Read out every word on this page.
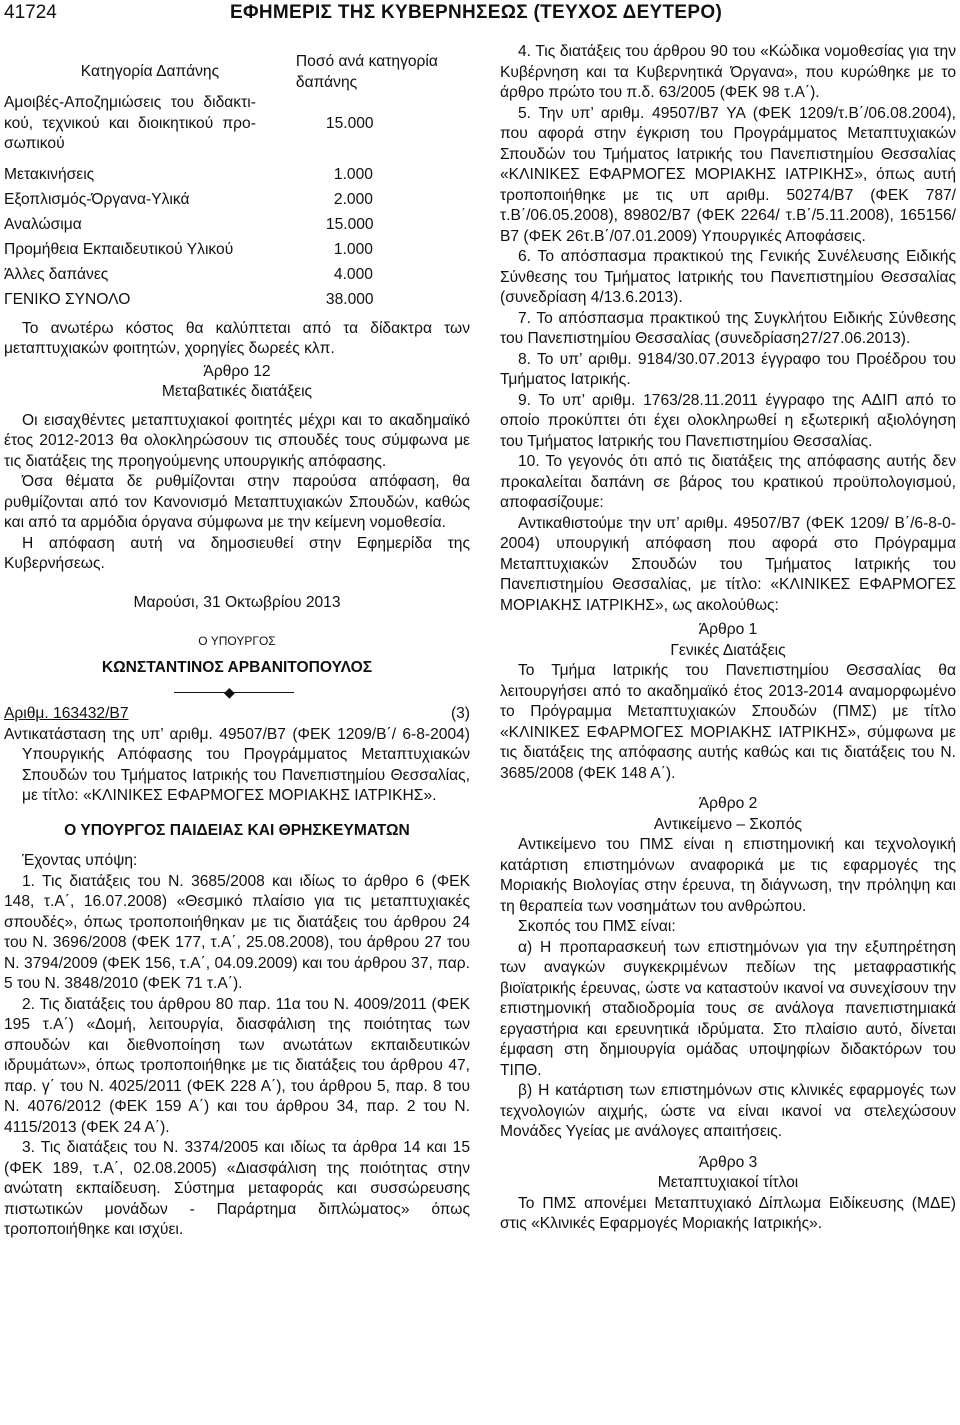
41724	ΕΦΗΜΕΡΙΣ ΤΗΣ ΚΥΒΕΡΝΗΣΕΩΣ (ΤΕΥΧΟΣ ΔΕΥΤΕΡΟ)
Κατηγορία Δαπάνης	Ποσό ανά κατηγορία δαπάνης
Αμοιβές-Αποζημιώσεις του διδακτικού, τεχνικού και διοικητικού προσωπικού	15.000
Μετακινήσεις	1.000
Εξοπλισμός-Όργανα-Υλικά	2.000
Αναλώσιμα	15.000
Προμήθεια Εκπαιδευτικού Υλικού	1.000
Άλλες δαπάνες	4.000
ΓΕΝΙΚΟ ΣΥΝΟΛΟ	38.000

Το ανωτέρω κόστος θα καλύπτεται από τα δίδακτρα των μεταπτυχιακών φοιτητών, χορηγίες δωρεές κλπ.

Άρθρο 12

Μεταβατικές διατάξεις

Οι εισαχθέντες μεταπτυχιακοί φοιτητές μέχρι και το ακαδημαϊκό έτος 2012-2013 θα ολοκληρώσουν τις σπουδές τους σύμφωνα με τις διατάξεις της προηγούμενης υπουργικής απόφασης.

Όσα θέματα δε ρυθμίζονται στην παρούσα απόφαση, θα ρυθμίζονται από τον Κανονισμό Μεταπτυχιακών Σπουδών, καθώς και από τα αρμόδια όργανα σύμφωνα με την κείμενη νομοθεσία.

Η απόφαση αυτή να δημοσιευθεί στην Εφημερίδα της Κυβερνήσεως.

Μαρούσι, 31 Οκτωβρίου 2013

Ο ΥΠΟΥΡΓΟΣ

ΚΩΝΣΤΑΝΤΙΝΟΣ ΑΡΒΑΝΙΤΟΠΟΥΛΟΣ

◆
Αριθμ. 163432/Β7	(3)

Αντικατάσταση της υπ’ αριθμ. 49507/Β7 (ΦΕΚ 1209/Β΄/ 6-8-2004) Υπουργικής Απόφασης του Προγράμματος Μεταπτυχιακών Σπουδών του Τμήματος Ιατρικής του Πανεπιστημίου Θεσσαλίας, με τίτλο: «ΚΛΙΝΙΚΕΣ ΕΦΑΡΜΟΓΕΣ ΜΟΡΙΑΚΗΣ ΙΑΤΡΙΚΗΣ».

Ο ΥΠΟΥΡΓΟΣ ΠΑΙΔΕΙΑΣ ΚΑΙ ΘΡΗΣΚΕΥΜΑΤΩΝ

Έχοντας υπόψη:

1. Τις διατάξεις του Ν. 3685/2008 και ιδίως το άρθρο 6 (ΦΕΚ 148, τ.Α΄, 16.07.2008) «Θεσμικό πλαίσιο για τις μεταπτυχιακές σπουδές», όπως τροποποιήθηκαν με τις διατάξεις του άρθρου 24 του Ν. 3696/2008 (ΦΕΚ 177, τ.Α΄, 25.08.2008), του άρθρου 27 του Ν. 3794/2009 (ΦΕΚ 156, τ.Α΄, 04.09.2009) και του άρθρου 37, παρ. 5 του Ν. 3848/2010 (ΦΕΚ 71 τ.Α΄).

2. Τις διατάξεις του άρθρου 80 παρ. 11α του Ν. 4009/2011 (ΦΕΚ 195 τ.Α΄) «Δομή, λειτουργία, διασφάλιση της ποιότητας των σπουδών και διεθνοποίηση των ανωτάτων εκπαιδευτικών ιδρυμάτων», όπως τροποποιήθηκε με τις διατάξεις του άρθρου 47, παρ. γ΄ του Ν. 4025/2011 (ΦΕΚ 228 Α΄), του άρθρου 5, παρ. 8 του Ν. 4076/2012 (ΦΕΚ 159 Α΄) και του άρθρου 34, παρ. 2 του Ν. 4115/2013 (ΦΕΚ 24 Α΄).

3. Τις διατάξεις του Ν. 3374/2005 και ιδίως τα άρθρα 14 και 15 (ΦΕΚ 189, τ.Α΄, 02.08.2005) «Διασφάλιση της ποιότητας στην ανώτατη εκπαίδευση. Σύστημα μεταφοράς και συσσώρευσης πιστωτικών μονάδων - Παράρτημα διπλώματος» όπως τροποποιήθηκε και ισχύει.

4. Τις διατάξεις του άρθρου 90 του «Κώδικα νομοθεσίας για την Κυβέρνηση και τα Κυβερνητικά Όργανα», που κυρώθηκε με το άρθρο πρώτο του π.δ. 63/2005 (ΦΕΚ 98 τ.Α΄).

5. Την υπ’ αριθμ. 49507/Β7 ΥΑ (ΦΕΚ 1209/τ.Β΄/06.08.2004), που αφορά στην έγκριση του Προγράμματος Μεταπτυχιακών Σπουδών του Τμήματος Ιατρικής του Πανεπιστημίου Θεσσαλίας «ΚΛΙΝΙΚΕΣ ΕΦΑΡΜΟΓΕΣ ΜΟΡΙΑΚΗΣ ΙΑΤΡΙΚΗΣ», όπως αυτή τροποποιήθηκε με τις υπ αριθμ. 50274/Β7 (ΦΕΚ 787/τ.Β΄/06.05.2008), 89802/Β7 (ΦΕΚ 2264/ τ.Β΄/5.11.2008), 165156/Β7 (ΦΕΚ 26τ.Β΄/07.01.2009) Υπουργικές Αποφάσεις.

6. Το απόσπασμα πρακτικού της Γενικής Συνέλευσης Ειδικής Σύνθεσης του Τμήματος Ιατρικής του Πανεπιστημίου Θεσσαλίας (συνεδρίαση 4/13.6.2013).

7. Το απόσπασμα πρακτικού της Συγκλήτου Ειδικής Σύνθεσης του Πανεπιστημίου Θεσσαλίας (συνεδρίαση27/27.06.2013).

8. Το υπ’ αριθμ. 9184/30.07.2013 έγγραφο του Προέδρου του Τμήματος Ιατρικής.

9. Το υπ’ αριθμ. 1763/28.11.2011 έγγραφο της ΑΔΙΠ από το οποίο προκύπτει ότι έχει ολοκληρωθεί η εξωτερική αξιολόγηση του Τμήματος Ιατρικής του Πανεπιστημίου Θεσσαλίας.

10. Το γεγονός ότι από τις διατάξεις της απόφασης αυτής δεν προκαλείται δαπάνη σε βάρος του κρατικού προϋπολογισμού, αποφασίζουμε:

Αντικαθιστούμε την υπ’ αριθμ. 49507/Β7 (ΦΕΚ 1209/ Β΄/6-8-0-2004) υπουργική απόφαση που αφορά στο Πρόγραμμα Μεταπτυχιακών Σπουδών του Τμήματος Ιατρικής του Πανεπιστημίου Θεσσαλίας, με τίτλο: «ΚΛΙΝΙΚΕΣ ΕΦΑΡΜΟΓΕΣ ΜΟΡΙΑΚΗΣ ΙΑΤΡΙΚΗΣ», ως ακολούθως:

Άρθρο 1

Γενικές Διατάξεις

Το Τμήμα Ιατρικής του Πανεπιστημίου Θεσσαλίας θα λειτουργήσει από το ακαδημαϊκό έτος 2013-2014 αναμορφωμένο το Πρόγραμμα Μεταπτυχιακών Σπουδών (ΠΜΣ) με τίτλο «ΚΛΙΝΙΚΕΣ ΕΦΑΡΜΟΓΕΣ ΜΟΡΙΑΚΗΣ ΙΑΤΡΙΚΗΣ», σύμφωνα με τις διατάξεις της απόφασης αυτής καθώς και τις διατάξεις του Ν. 3685/2008 (ΦΕΚ 148 Α΄).

Άρθρο 2

Αντικείμενο – Σκοπός

Αντικείμενο του ΠΜΣ είναι η επιστημονική και τεχνολογική κατάρτιση επιστημόνων αναφορικά με τις εφαρμογές της Μοριακής Βιολογίας στην έρευνα, τη διάγνωση, την πρόληψη και τη θεραπεία των νοσημάτων του ανθρώπου.

Σκοπός του ΠΜΣ είναι:

α) Η προπαρασκευή των επιστημόνων για την εξυπηρέτηση των αναγκών συγκεκριμένων πεδίων της μεταφραστικής βιοϊατρικής έρευνας, ώστε να καταστούν ικανοί να συνεχίσουν την επιστημονική σταδιοδρομία τους σε ανάλογα πανεπιστημιακά εργαστήρια και ερευνητικά ιδρύματα. Στο πλαίσιο αυτό, δίνεται έμφαση στη δημιουργία ομάδας υποψηφίων διδακτόρων του ΤΙΠΘ.

β) Η κατάρτιση των επιστημόνων στις κλινικές εφαρμογές των τεχνολογιών αιχμής, ώστε να είναι ικανοί να στελεχώσουν Μονάδες Υγείας με ανάλογες απαιτήσεις.

Άρθρο 3

Μεταπτυχιακοί τίτλοι

Το ΠΜΣ απονέμει Μεταπτυχιακό Δίπλωμα Ειδίκευσης (ΜΔΕ) στις «Κλινικές Εφαρμογές Μοριακής Ιατρικής».
